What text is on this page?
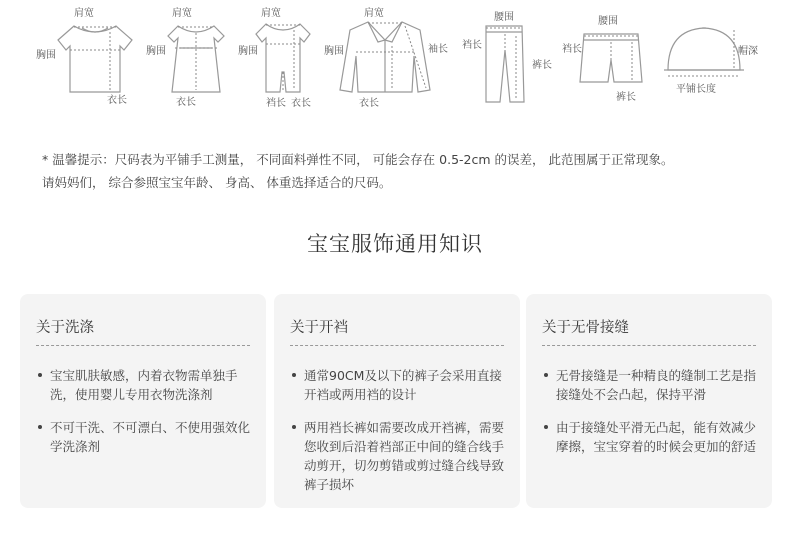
肩宽
胸围
衣长
肩宽
胸围
衣长
肩宽
胸围
裆长 衣长
肩宽
胸围	袖长
衣长
腰围
裆长
裤长
腰围
裆长
裤长
帽深
平铺长度

* 温馨提示：尺码表为平铺手工测量， 不同面料弹性不同， 可能会存在 0.5-2cm 的误差， 此范围属于正常现象。

请妈妈们， 综合参照宝宝年龄、 身高、 体重选择适合的尺码。

宝宝服饰通用知识
关于洗涤
宝宝肌肤敏感，内着衣物需单独手洗，使用婴儿专用衣物洗涤剂
不可干洗、不可漂白、不使用强效化学洗涤剂
关于开裆
通常90CM及以下的裤子会采用直接开裆或两用裆的设计
两用裆长裤如需要改成开裆裤，需要您收到后沿着裆部正中间的缝合线手动剪开，切勿剪错或剪过缝合线导致裤子损坏
关于无骨接缝
无骨接缝是一种精良的缝制工艺是指接缝处不会凸起，保持平滑
由于接缝处平滑无凸起，能有效减少摩擦，宝宝穿着的时候会更加的舒适
